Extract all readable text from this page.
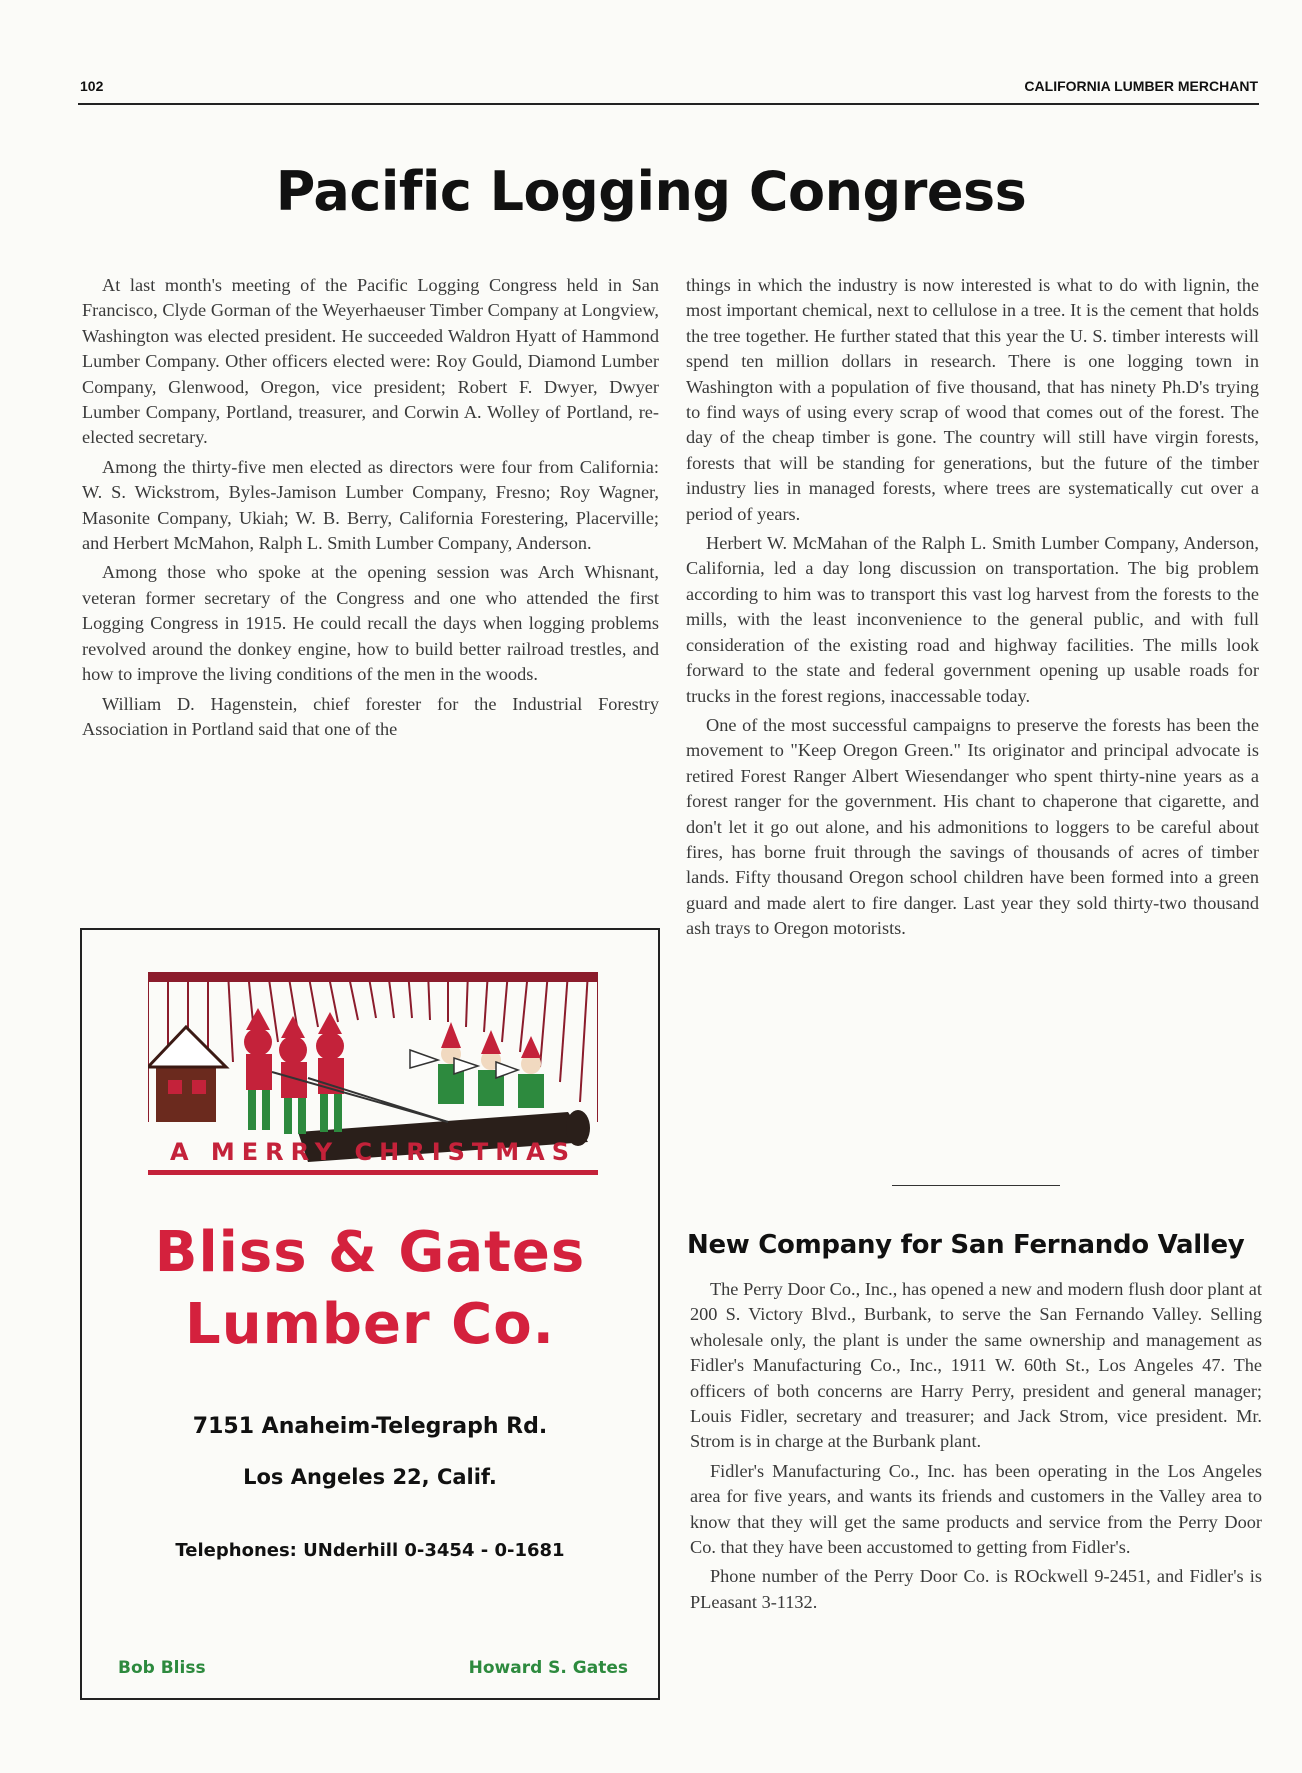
102	CALIFORNIA LUMBER MERCHANT
Pacific Logging Congress

At last month's meeting of the Pacific Logging Congress held in San Francisco, Clyde Gorman of the Weyerhaeuser Timber Company at Longview, Washington was elected president. He succeeded Waldron Hyatt of Hammond Lumber Company. Other officers elected were: Roy Gould, Diamond Lumber Company, Glenwood, Oregon, vice president; Robert F. Dwyer, Dwyer Lumber Company, Portland, treasurer, and Corwin A. Wolley of Portland, re-elected secretary.

Among the thirty-five men elected as directors were four from California: W. S. Wickstrom, Byles-Jamison Lumber Company, Fresno; Roy Wagner, Masonite Company, Ukiah; W. B. Berry, California Forestering, Placerville; and Herbert McMahon, Ralph L. Smith Lumber Company, Anderson.

Among those who spoke at the opening session was Arch Whisnant, veteran former secretary of the Congress and one who attended the first Logging Congress in 1915. He could recall the days when logging problems revolved around the donkey engine, how to build better railroad trestles, and how to improve the living conditions of the men in the woods.

William D. Hagenstein, chief forester for the Industrial Forestry Association in Portland said that one of the

things in which the industry is now interested is what to do with lignin, the most important chemical, next to cellulose in a tree. It is the cement that holds the tree together. He further stated that this year the U. S. timber interests will spend ten million dollars in research. There is one logging town in Washington with a population of five thousand, that has ninety Ph.D's trying to find ways of using every scrap of wood that comes out of the forest. The day of the cheap timber is gone. The country will still have virgin forests, forests that will be standing for generations, but the future of the timber industry lies in managed forests, where trees are systematically cut over a period of years.

Herbert W. McMahan of the Ralph L. Smith Lumber Company, Anderson, California, led a day long discussion on transportation. The big problem according to him was to transport this vast log harvest from the forests to the mills, with the least inconvenience to the general public, and with full consideration of the existing road and highway facilities. The mills look forward to the state and federal government opening up usable roads for trucks in the forest regions, inaccessable today.

One of the most successful campaigns to preserve the forests has been the movement to "Keep Oregon Green." Its originator and principal advocate is retired Forest Ranger Albert Wiesendanger who spent thirty-nine years as a forest ranger for the government. His chant to chaperone that cigarette, and don't let it go out alone, and his admonitions to loggers to be careful about fires, has borne fruit through the savings of thousands of acres of timber lands. Fifty thousand Oregon school children have been formed into a green guard and made alert to fire danger. Last year they sold thirty-two thousand ash trays to Oregon motorists.

New Company for San Fernando Valley

The Perry Door Co., Inc., has opened a new and modern flush door plant at 200 S. Victory Blvd., Burbank, to serve the San Fernando Valley. Selling wholesale only, the plant is under the same ownership and management as Fidler's Manufacturing Co., Inc., 1911 W. 60th St., Los Angeles 47. The officers of both concerns are Harry Perry, president and general manager; Louis Fidler, secretary and treasurer; and Jack Strom, vice president. Mr. Strom is in charge at the Burbank plant.

Fidler's Manufacturing Co., Inc. has been operating in the Los Angeles area for five years, and wants its friends and customers in the Valley area to know that they will get the same products and service from the Perry Door Co. that they have been accustomed to getting from Fidler's.

Phone number of the Perry Door Co. is ROckwell 9-2451, and Fidler's is PLeasant 3-1132.

A MERRY CHRISTMAS
Bliss & Gates
Lumber Co.
7151 Anaheim-Telegraph Rd.
Los Angeles 22, Calif.
Telephones: UNderhill 0-3454 - 0-1681
Bob Bliss	Howard S. Gates
